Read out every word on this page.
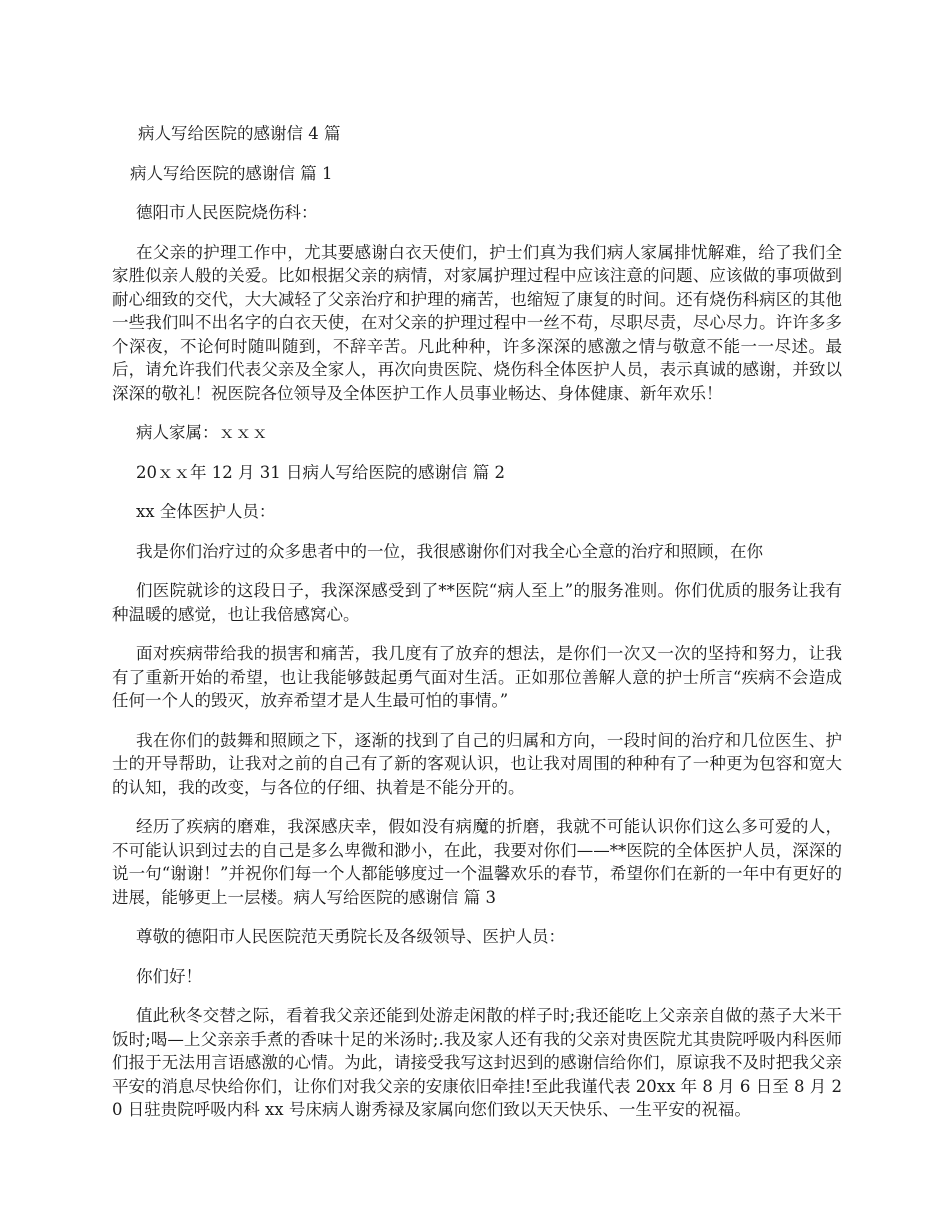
病人写给医院的感谢信 4 篇

病人写给医院的感谢信 篇 1

德阳市人民医院烧伤科：

在父亲的护理工作中，尤其要感谢白衣天使们，护士们真为我们病人家属排忧解难，给了我们全家胜似亲人般的关爱。比如根据父亲的病情，对家属护理过程中应该注意的问题、应该做的事项做到耐心细致的交代，大大减轻了父亲治疗和护理的痛苦，也缩短了康复的时间。还有烧伤科病区的其他一些我们叫不出名字的白衣天使，在对父亲的护理过程中一丝不苟，尽职尽责，尽心尽力。许许多多个深夜，不论何时随叫随到，不辞辛苦。凡此种种，许多深深的感激之情与敬意不能一一尽述。最后，请允许我们代表父亲及全家人，再次向贵医院、烧伤科全体医护人员，表示真诚的感谢，并致以深深的敬礼！祝医院各位领导及全体医护工作人员事业畅达、身体健康、新年欢乐！

病人家属：ｘｘｘ

20ｘｘ年 12 月 31 日病人写给医院的感谢信 篇 2

xx 全体医护人员：

我是你们治疗过的众多患者中的一位，我很感谢你们对我全心全意的治疗和照顾，在你

们医院就诊的这段日子，我深深感受到了**医院“病人至上”的服务准则。你们优质的服务让我有种温暖的感觉，也让我倍感窝心。

面对疾病带给我的损害和痛苦，我几度有了放弃的想法，是你们一次又一次的坚持和努力，让我有了重新开始的希望，也让我能够鼓起勇气面对生活。正如那位善解人意的护士所言“疾病不会造成任何一个人的毁灭，放弃希望才是人生最可怕的事情。”

我在你们的鼓舞和照顾之下，逐渐的找到了自己的归属和方向，一段时间的治疗和几位医生、护士的开导帮助，让我对之前的自己有了新的客观认识，也让我对周围的种种有了一种更为包容和宽大的认知，我的改变，与各位的仔细、执着是不能分开的。

经历了疾病的磨难，我深感庆幸，假如没有病魔的折磨，我就不可能认识你们这么多可爱的人，不可能认识到过去的自己是多么卑微和渺小，在此，我要对你们——**医院的全体医护人员，深深的说一句“谢谢！”并祝你们每一个人都能够度过一个温馨欢乐的春节，希望你们在新的一年中有更好的进展，能够更上一层楼。病人写给医院的感谢信 篇 3

尊敬的德阳市人民医院范天勇院长及各级领导、医护人员：

你们好！

值此秋冬交替之际，看着我父亲还能到处游走闲散的样子时;我还能吃上父亲亲自做的蒸子大米干饭时;喝—上父亲亲手煮的香味十足的米汤时;.我及家人还有我的父亲对贵医院尤其贵院呼吸内科医师们报于无法用言语感激的心情。为此，请接受我写这封迟到的感谢信给你们，原谅我不及时把我父亲平安的消息尽快给你们，让你们对我父亲的安康依旧牵挂!至此我谨代表 20xx 年 8 月 6 日至 8 月 20 日驻贵院呼吸内科 xx 号床病人谢秀禄及家属向您们致以天天快乐、一生平安的祝福。
